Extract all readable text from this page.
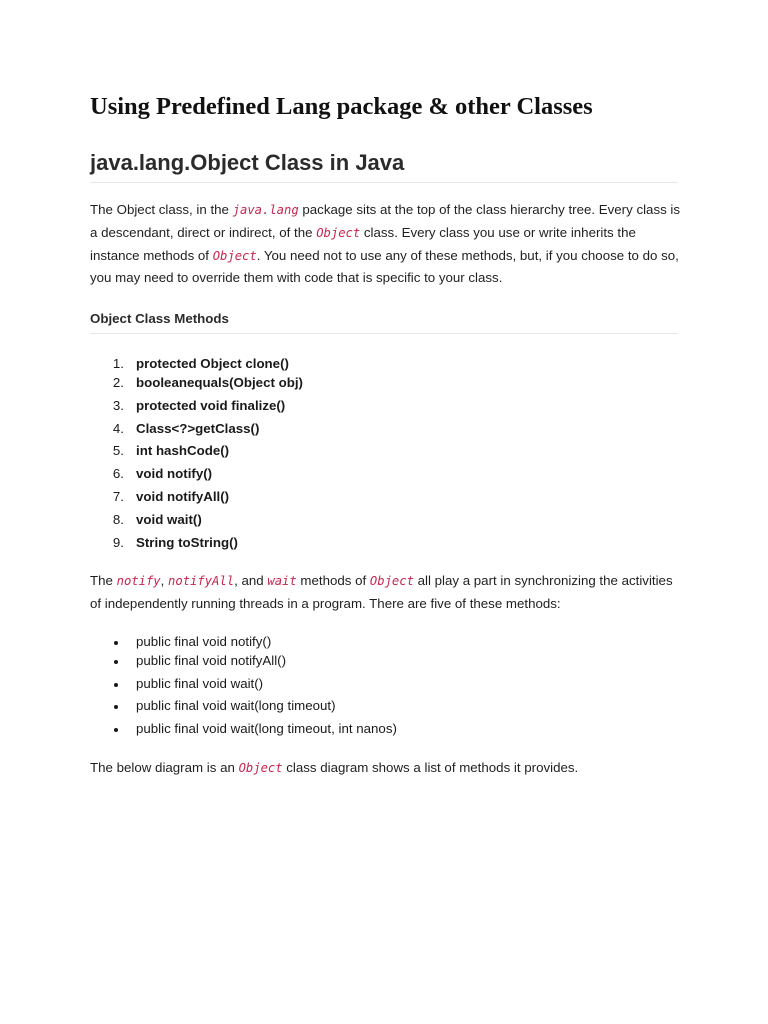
Using Predefined Lang package & other Classes
java.lang.Object Class in Java

The Object class, in the java.lang package sits at the top of the class hierarchy tree. Every class is a descendant, direct or indirect, of the Object class. Every class you use or write inherits the instance methods of Object. You need not to use any of these methods, but, if you choose to do so, you may need to override them with code that is specific to your class.

Object Class Methods
1. protected Object clone()
2. booleanequals(Object obj)
3. protected void finalize()
4. Class<?>getClass()
5. int hashCode()
6. void notify()
7. void notifyAll()
8. void wait()
9. String toString()

The notify, notifyAll, and wait methods of Object all play a part in synchronizing the activities of independently running threads in a program. There are five of these methods:

public final void notify()
public final void notifyAll()
public final void wait()
public final void wait(long timeout)
public final void wait(long timeout, int nanos)

The below diagram is an Object class diagram shows a list of methods it provides.
